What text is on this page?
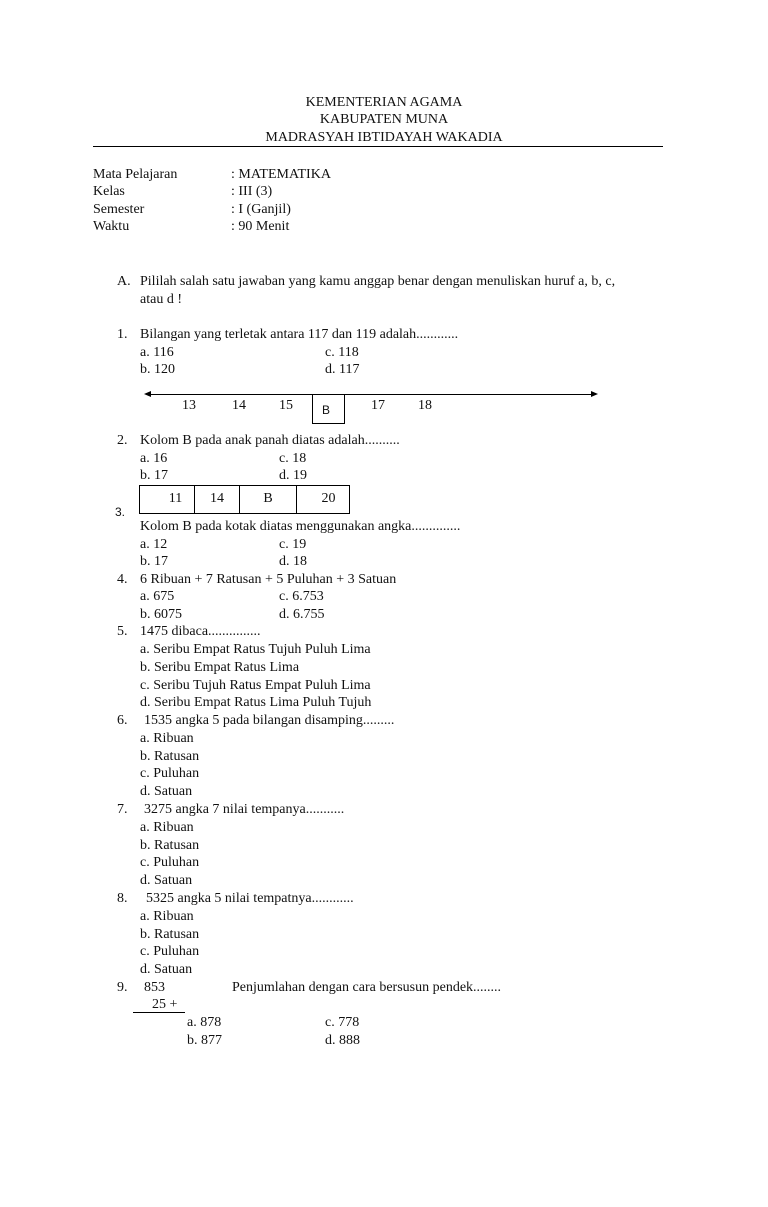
KEMENTERIAN AGAMA
KABUPATEN MUNA
MADRASYAH IBTIDAYAH WAKADIA
Mata Pelajaran	: MATEMATIKA
Kelas	: III (3)
Semester	: I (Ganjil)
Waktu	: 90 Menit
A. Pililah salah satu jawaban yang kamu anggap benar dengan menuliskan huruf a, b, c,
atau d !
1. Bilangan yang terletak antara 117 dan 119 adalah............
a. 116	c. 118
b. 120	d. 117
13	14 15 B	17 18
2. Kolom B pada anak panah diatas adalah..........
a. 16	c. 18
b. 17	d. 19
11	14	B	20
3.
Kolom B pada kotak diatas menggunakan angka..............
a. 12	c. 19
b. 17	d. 18
4. 6 Ribuan + 7 Ratusan + 5 Puluhan + 3 Satuan
a. 675	c. 6.753
b. 6075	d. 6.755
5. 1475 dibaca...............
a. Seribu Empat Ratus Tujuh Puluh Lima
b. Seribu Empat Ratus Lima
c. Seribu Tujuh Ratus Empat Puluh Lima
d. Seribu Empat Ratus Lima Puluh Tujuh
6. 1535 angka 5 pada bilangan disamping.........
a. Ribuan
b. Ratusan
c. Puluhan
d. Satuan
7. 3275 angka 7 nilai tempanya...........
a. Ribuan
b. Ratusan
c. Puluhan
d. Satuan
8. 5325 angka 5 nilai tempatnya............
a. Ribuan
b. Ratusan
c. Puluhan
d. Satuan
9. 853	Penjumlahan dengan cara bersusun pendek........
25 +
a. 878	c. 778
b. 877	d. 888
